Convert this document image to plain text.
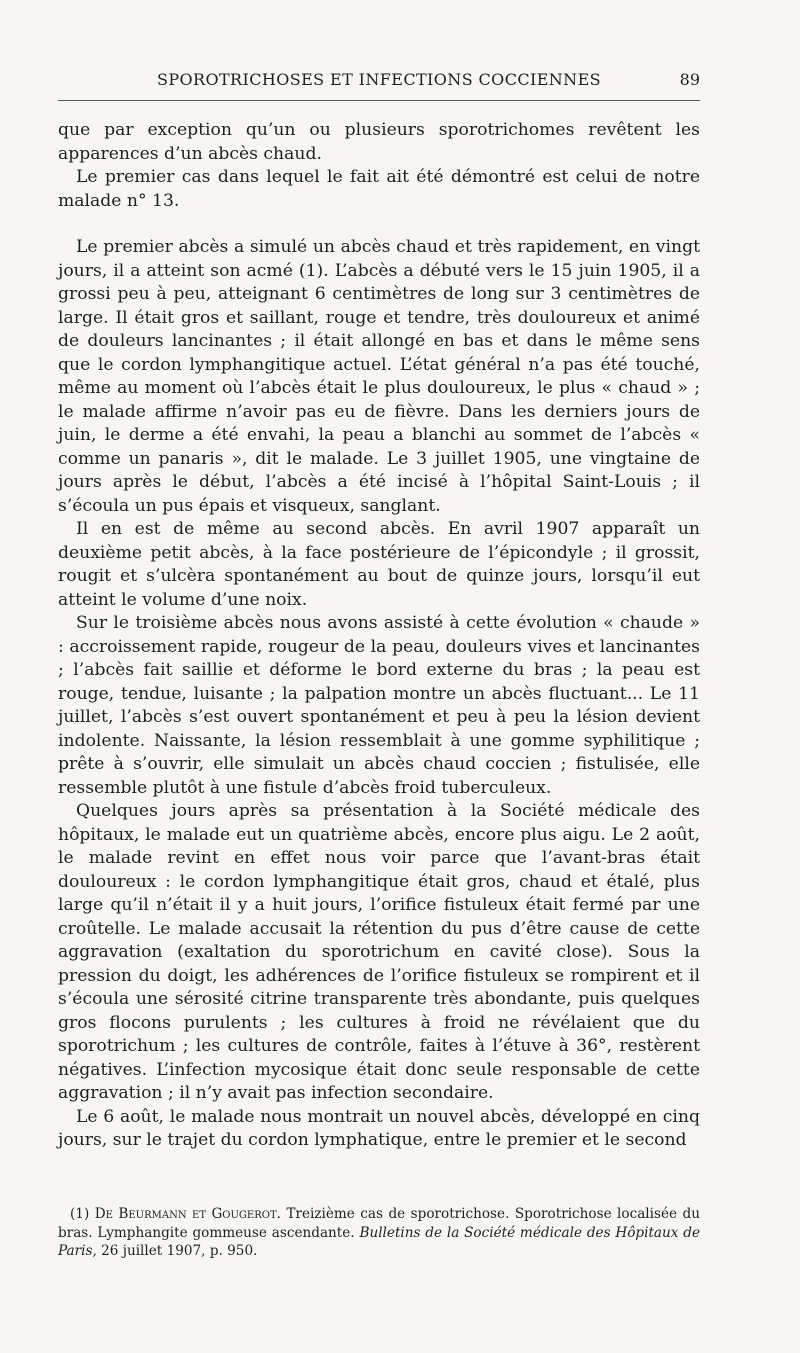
SPOROTRICHOSES ET INFECTIONS COCCIENNES	89

que par exception qu’un ou plusieurs sporotrichomes revêtent les apparences d’un abcès chaud.

Le premier cas dans lequel le fait ait été démontré est celui de notre malade n° 13.

Le premier abcès a simulé un abcès chaud et très rapidement, en vingt jours, il a atteint son acmé (1). L’abcès a débuté vers le 15 juin 1905, il a grossi peu à peu, atteignant 6 centimètres de long sur 3 centimètres de large. Il était gros et saillant, rouge et tendre, très douloureux et animé de douleurs lancinantes ; il était allongé en bas et dans le même sens que le cordon lymphangitique actuel. L’état général n’a pas été touché, même au moment où l’abcès était le plus douloureux, le plus « chaud » ; le malade affirme n’avoir pas eu de fièvre. Dans les derniers jours de juin, le derme a été envahi, la peau a blanchi au sommet de l’abcès « comme un panaris », dit le malade. Le 3 juillet 1905, une vingtaine de jours après le début, l’abcès a été incisé à l’hôpital Saint-Louis ; il s’écoula un pus épais et visqueux, sanglant.

Il en est de même au second abcès. En avril 1907 apparaît un deuxième petit abcès, à la face postérieure de l’épicondyle ; il grossit, rougit et s’ulcèra spontanément au bout de quinze jours, lorsqu’il eut atteint le volume d’une noix.

Sur le troisième abcès nous avons assisté à cette évolution « chaude » : accroissement rapide, rougeur de la peau, douleurs vives et lancinantes ; l’abcès fait saillie et déforme le bord externe du bras ; la peau est rouge, tendue, luisante ; la palpation montre un abcès fluctuant... Le 11 juillet, l’abcès s’est ouvert spontanément et peu à peu la lésion devient indolente. Naissante, la lésion ressemblait à une gomme syphilitique ; prête à s’ouvrir, elle simulait un abcès chaud coccien ; fistulisée, elle ressemble plutôt à une fistule d’abcès froid tuberculeux.

Quelques jours après sa présentation à la Société médicale des hôpitaux, le malade eut un quatrième abcès, encore plus aigu. Le 2 août, le malade revint en effet nous voir parce que l’avant-bras était douloureux : le cordon lymphangitique était gros, chaud et étalé, plus large qu’il n’était il y a huit jours, l’orifice fistuleux était fermé par une croûtelle. Le malade accusait la rétention du pus d’être cause de cette aggravation (exaltation du sporotrichum en cavité close). Sous la pression du doigt, les adhérences de l’orifice fistuleux se rompirent et il s’écoula une sérosité citrine transparente très abondante, puis quelques gros flocons purulents ; les cultures à froid ne révélaient que du sporotrichum ; les cultures de contrôle, faites à l’étuve à 36°, restèrent négatives. L’infection mycosique était donc seule responsable de cette aggravation ; il n’y avait pas infection secondaire.

Le 6 août, le malade nous montrait un nouvel abcès, développé en cinq jours, sur le trajet du cordon lymphatique, entre le premier et le second

(1) De Beurmann et Gougerot. Treizième cas de sporotrichose. Sporotrichose localisée du bras. Lymphangite gommeuse ascendante. Bulletins de la Société médicale des Hôpitaux de Paris, 26 juillet 1907, p. 950.
